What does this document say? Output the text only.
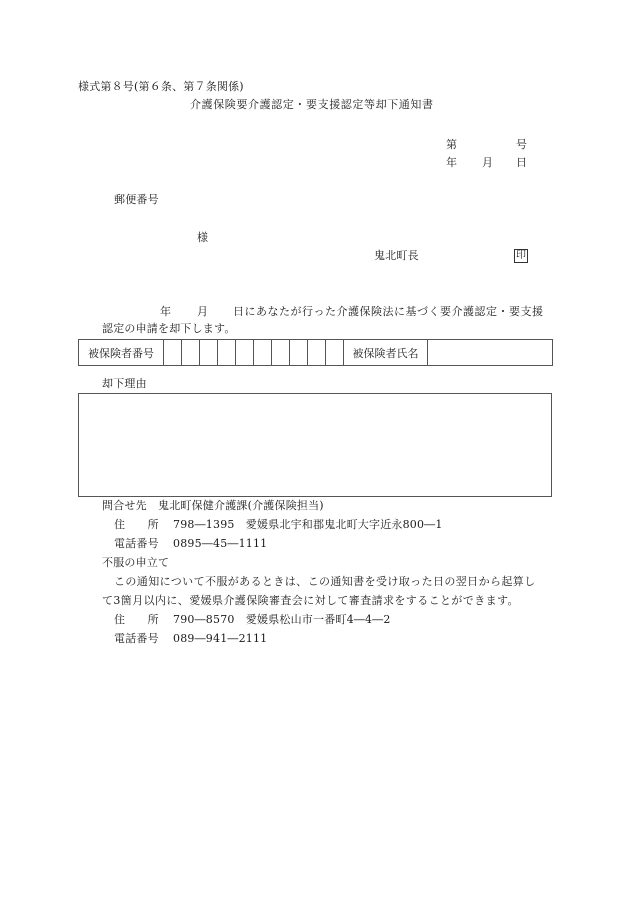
様式第８号(第６条、第７条関係)
介護保険要介護認定・要支援認定等却下通知書
第	号
年 月 日
郵便番号
様
鬼北町長	印
年 月 日にあなたが行った介護保険法に基づく要介護認定・要支援
認定の申請を却下します。
被保険者番号											被保険者氏名	
却下理由
問合せ先　鬼北町保健介護課(介護保険担当)
住　　所 798―1395　愛媛県北宇和郡鬼北町大字近永800―1
電話番号 0895―45―1111
不服の申立て
この通知について不服があるときは、この通知書を受け取った日の翌日から起算し
て3箇月以内に、愛媛県介護保険審査会に対して審査請求をすることができます。
住　　所 790―8570　愛媛県松山市一番町4―4―2
電話番号 089―941―2111
